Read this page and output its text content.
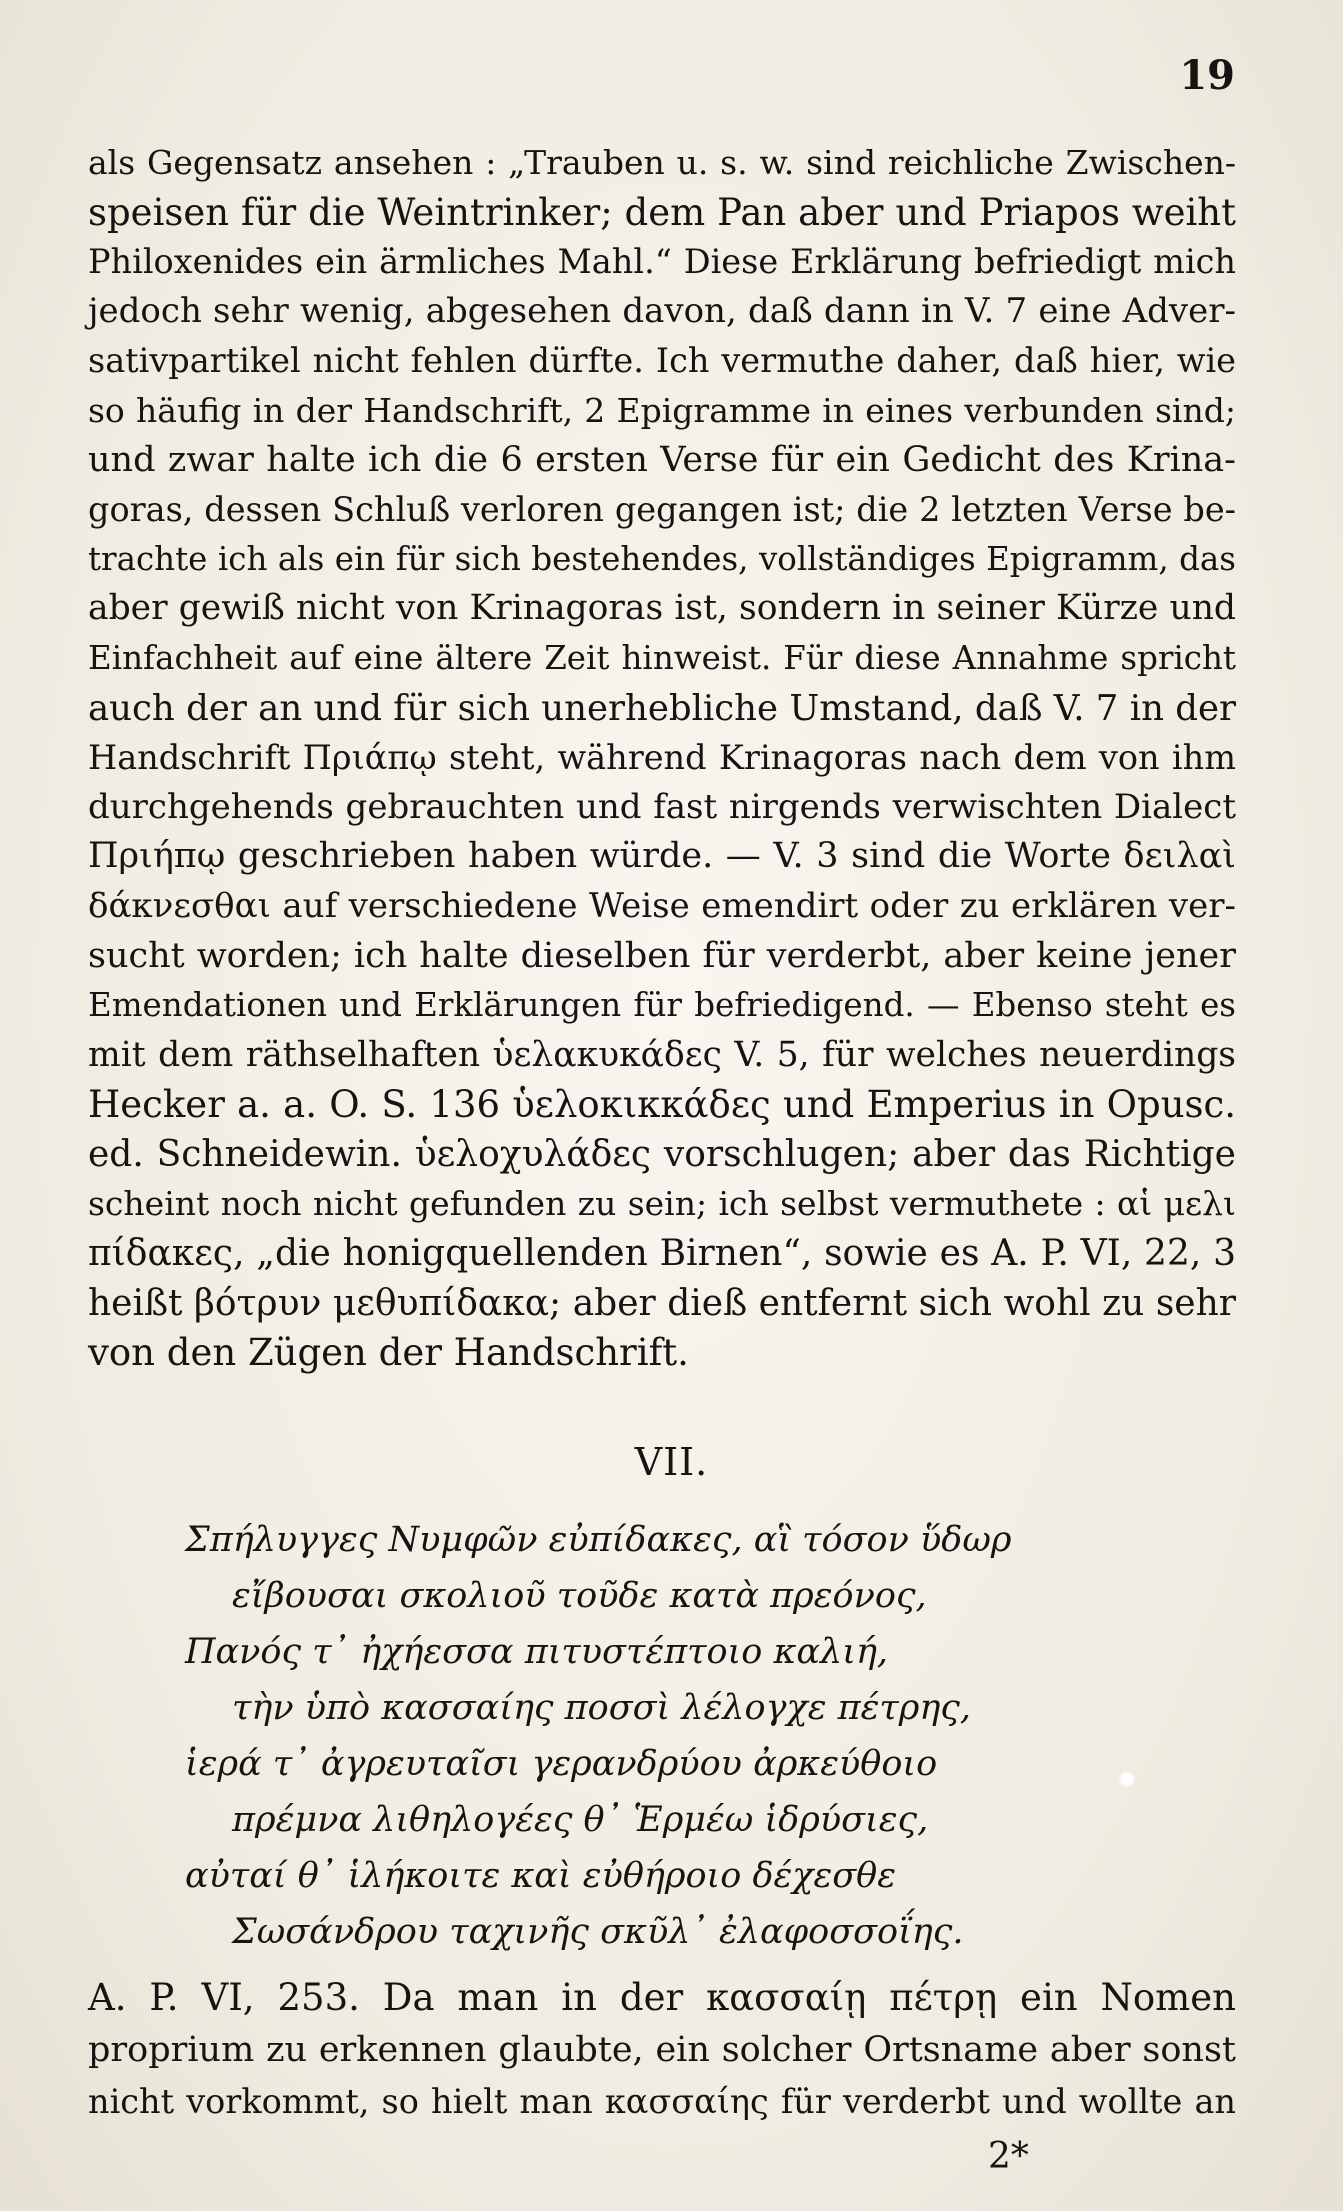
19
als Gegensatz ansehen : „Trauben u. s. w. sind reichliche Zwischen-
speisen für die Weintrinker; dem Pan aber und Priapos weiht
Philoxenides ein ärmliches Mahl.“ Diese Erklärung befriedigt mich
jedoch sehr wenig, abgesehen davon, daß dann in V. 7 eine Adver-
sativpartikel nicht fehlen dürfte. Ich vermuthe daher, daß hier, wie
so häufig in der Handschrift, 2 Epigramme in eines verbunden sind;
und zwar halte ich die 6 ersten Verse für ein Gedicht des Krina-
goras, dessen Schluß verloren gegangen ist; die 2 letzten Verse be-
trachte ich als ein für sich bestehendes, vollständiges Epigramm, das
aber gewiß nicht von Krinagoras ist, sondern in seiner Kürze und
Einfachheit auf eine ältere Zeit hinweist. Für diese Annahme spricht
auch der an und für sich unerhebliche Umstand, daß V. 7 in der
Handschrift Πριάπῳ steht, während Krinagoras nach dem von ihm
durchgehends gebrauchten und fast nirgends verwischten Dialect
Πριήπῳ geschrieben haben würde. — V. 3 sind die Worte δειλαὶ
δάκνεσθαι auf verschiedene Weise emendirt oder zu erklären ver-
sucht worden; ich halte dieselben für verderbt, aber keine jener
Emendationen und Erklärungen für befriedigend. — Ebenso steht es
mit dem räthselhaften ὑελακυκάδες V. 5, für welches neuerdings
Hecker a. a. O. S. 136 ὑελοκικκάδες und Emperius in Opusc.
ed. Schneidewin. ὑελοχυλάδες vorschlugen; aber das Richtige
scheint noch nicht gefunden zu sein; ich selbst vermuthete : αἱ μελι
πίδακες, „die honigquellenden Birnen“, sowie es A. P. VI, 22, 3
heißt βότρυν μεθυπίδακα; aber dieß entfernt sich wohl zu sehr
von den Zügen der Handschrift.
VII.
Σπήλυγγες Νυμφῶν εὐπίδακες, αἳ τόσον ὕδωρ
εἴβουσαι σκολιοῦ τοῦδε κατὰ πρεόνος,
Πανός τ᾽ ἠχήεσσα πιτυστέπτοιο καλιή,
τὴν ὑπὸ κασσαίης ποσσὶ λέλογχε πέτρης,
ἱερά τ᾽ ἀγρευταῖσι γερανδρύου ἀρκεύθοιο
πρέμνα λιθηλογέες θ᾽ Ἑρμέω ἱδρύσιες,
αὐταί θ᾽ ἱλήκοιτε καὶ εὐθήροιο δέχεσθε
Σωσάνδρου ταχινῆς σκῦλ᾽ ἐλαφοσσοΐης.
A. P. VI, 253. Da man in der κασσαίῃ πέτρῃ ein Nomen
proprium zu erkennen glaubte, ein solcher Ortsname aber sonst
nicht vorkommt, so hielt man κασσαίης für verderbt und wollte an
2*
